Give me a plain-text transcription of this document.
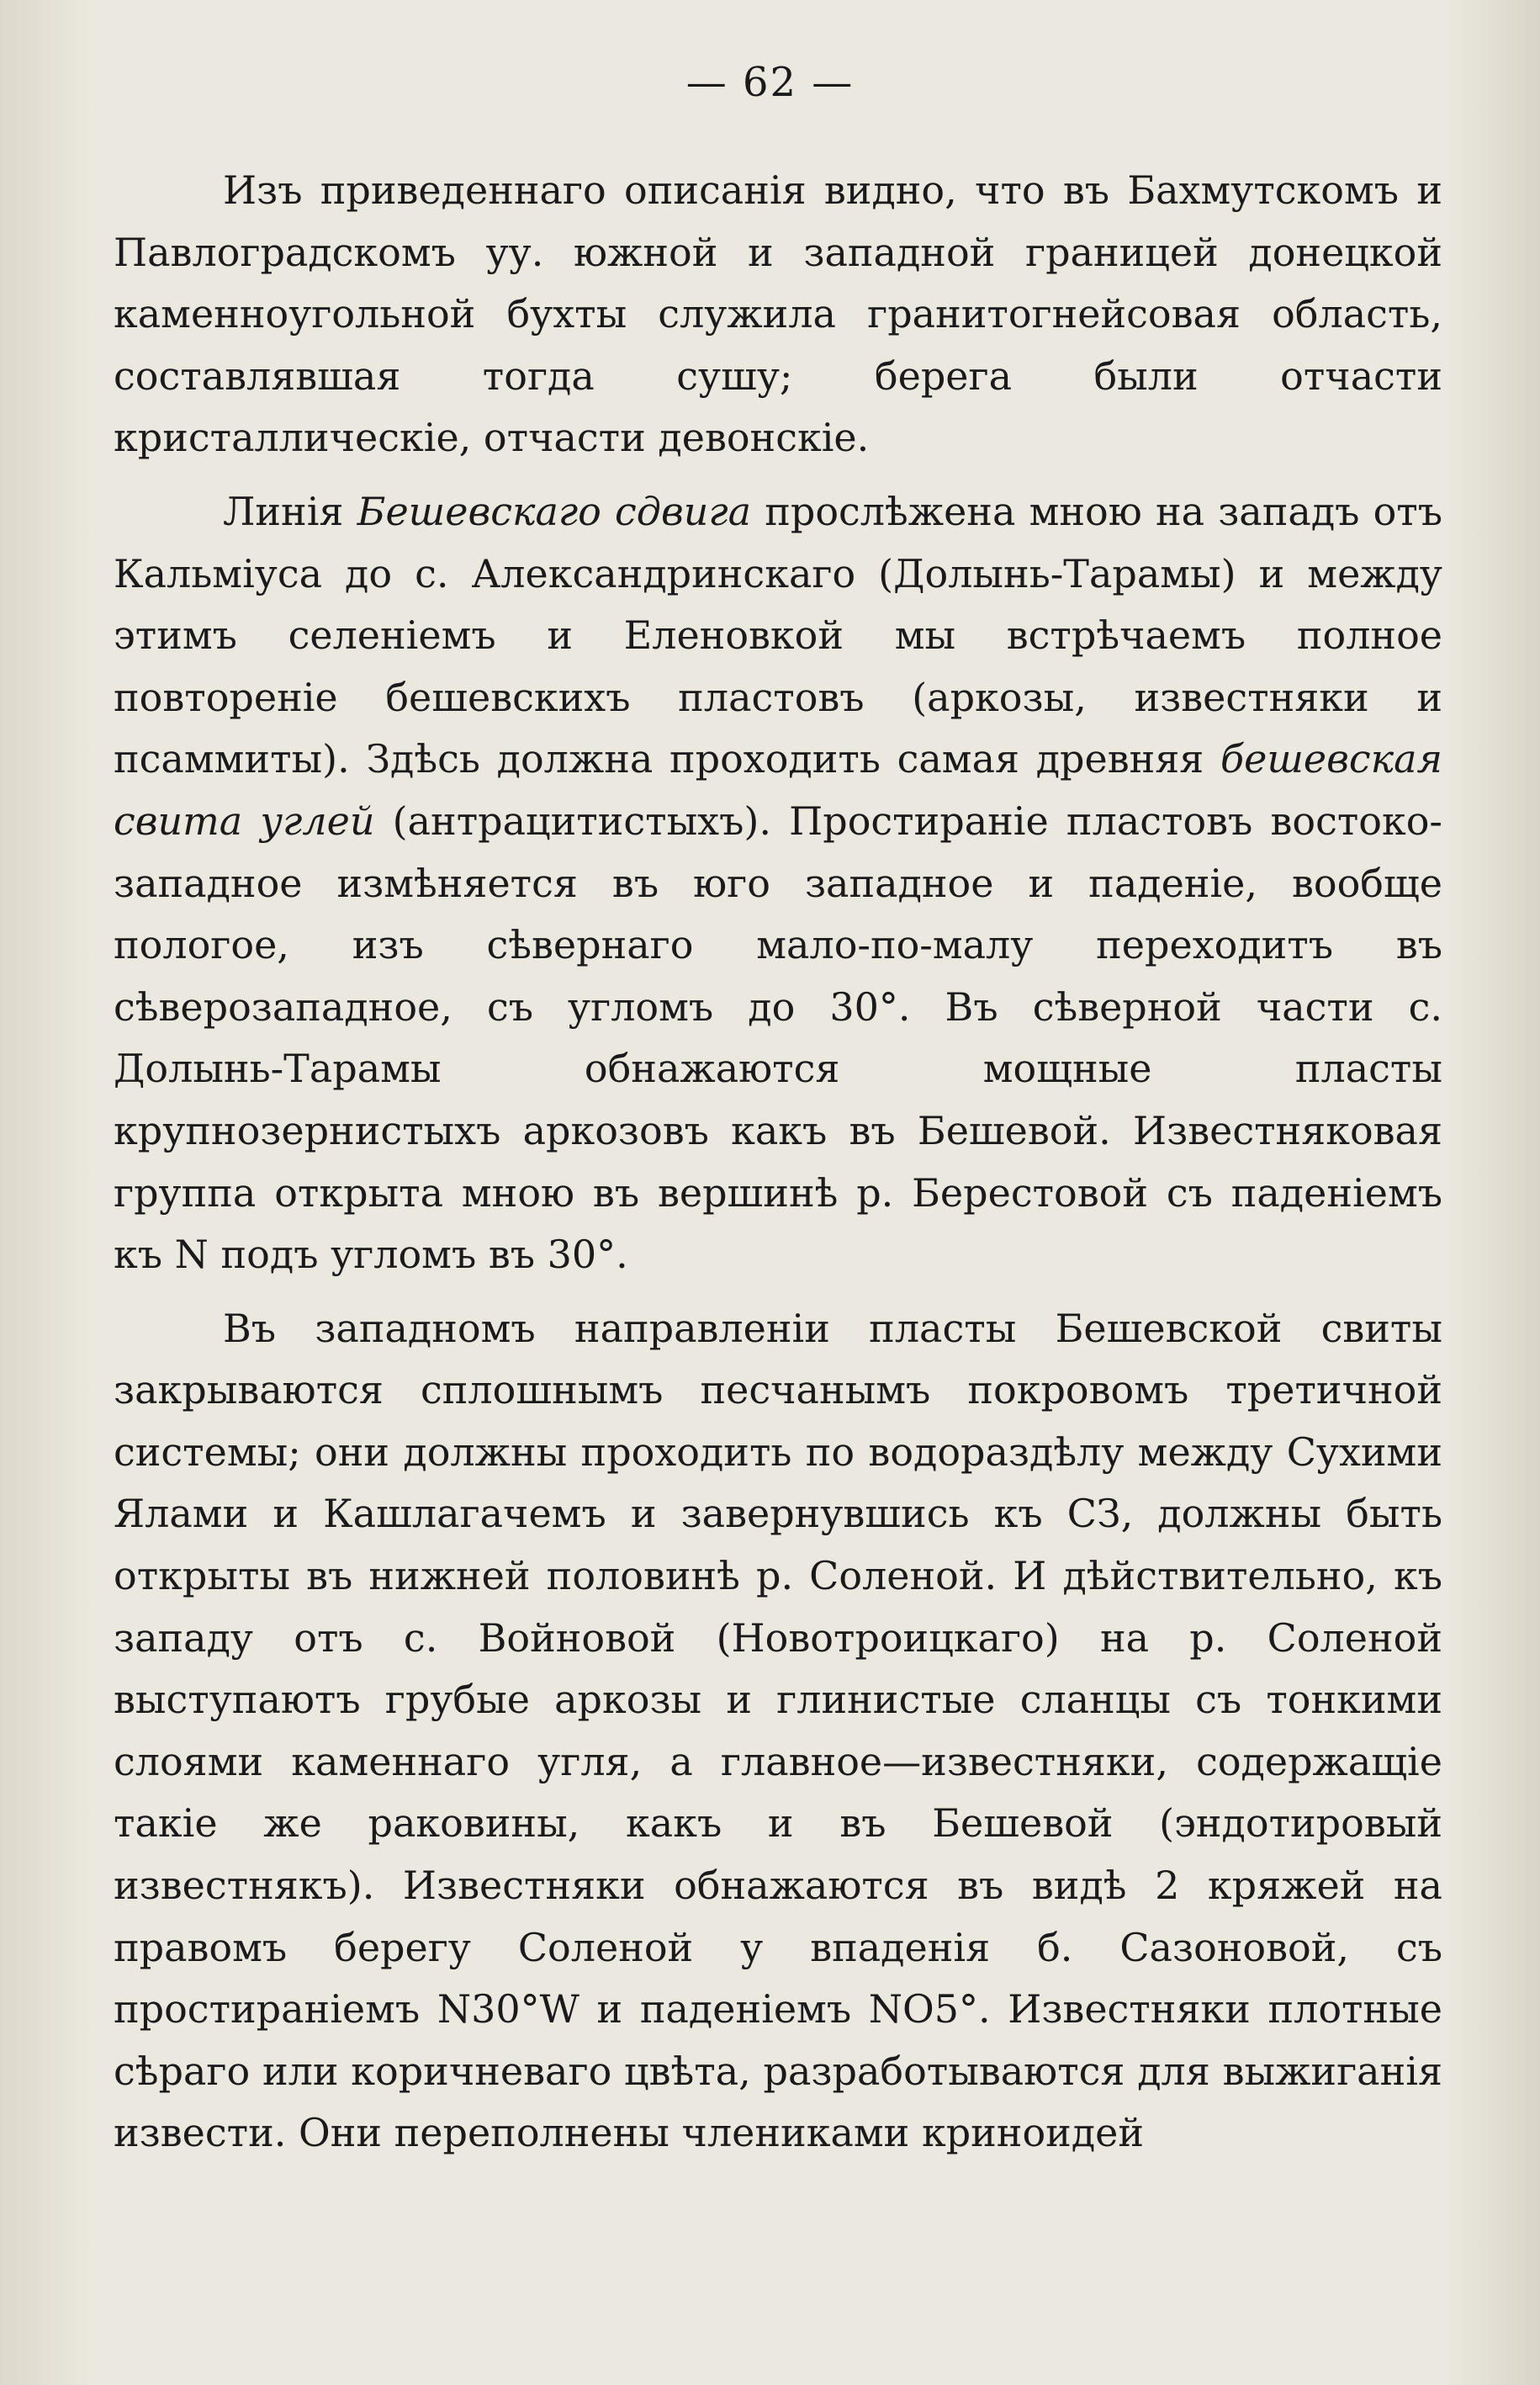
— 62 —

Изъ приведеннаго описанія видно, что въ Бахмутскомъ и Павлоградскомъ уу. южной и западной границей донецкой каменноугольной бухты служила гранитогнейсовая область, составлявшая тогда сушу; берега были отчасти кристаллическіе, отчасти девонскіе.

Линія Бешевскаго сдвига прослѣжена мною на западъ отъ Кальміуса до с. Александринскаго (Долынь-Тарамы) и между этимъ селеніемъ и Еленовкой мы встрѣчаемъ полное повтореніе бешевскихъ пластовъ (аркозы, известняки и псаммиты). Здѣсь должна проходить самая древняя бешевская свита углей (антрацитистыхъ). Простираніе пластовъ востоко-западное измѣняется въ юго западное и паденіе, вообще пологое, изъ сѣвернаго мало-по-малу переходитъ въ сѣверозападное, съ угломъ до 30°. Въ сѣверной части с. Долынь-Тарамы обнажаются мощные пласты крупнозернистыхъ аркозовъ какъ въ Бешевой. Известняковая группа открыта мною въ вершинѣ р. Берестовой съ паденіемъ къ N подъ угломъ въ 30°.

Въ западномъ направленіи пласты Бешевской свиты закрываются сплошнымъ песчанымъ покровомъ третичной системы; они должны проходить по водораздѣлу между Сухими Ялами и Кашлагачемъ и завернувшись къ СЗ, должны быть открыты въ нижней половинѣ р. Соленой. И дѣйствительно, къ западу отъ с. Войновой (Новотроицкаго) на р. Соленой выступаютъ грубые аркозы и глинистые сланцы съ тонкими слоями каменнаго угля, а главное—известняки, содержащіе такіе же раковины, какъ и въ Бешевой (эндотировый известнякъ). Известняки обнажаются въ видѣ 2 кряжей на правомъ берегу Соленой у впаденія б. Сазоновой, съ простираніемъ N30°W и паденіемъ NO5°. Известняки плотные сѣраго или коричневаго цвѣта, разработываются для выжиганія извести. Они переполнены члениками криноидей
